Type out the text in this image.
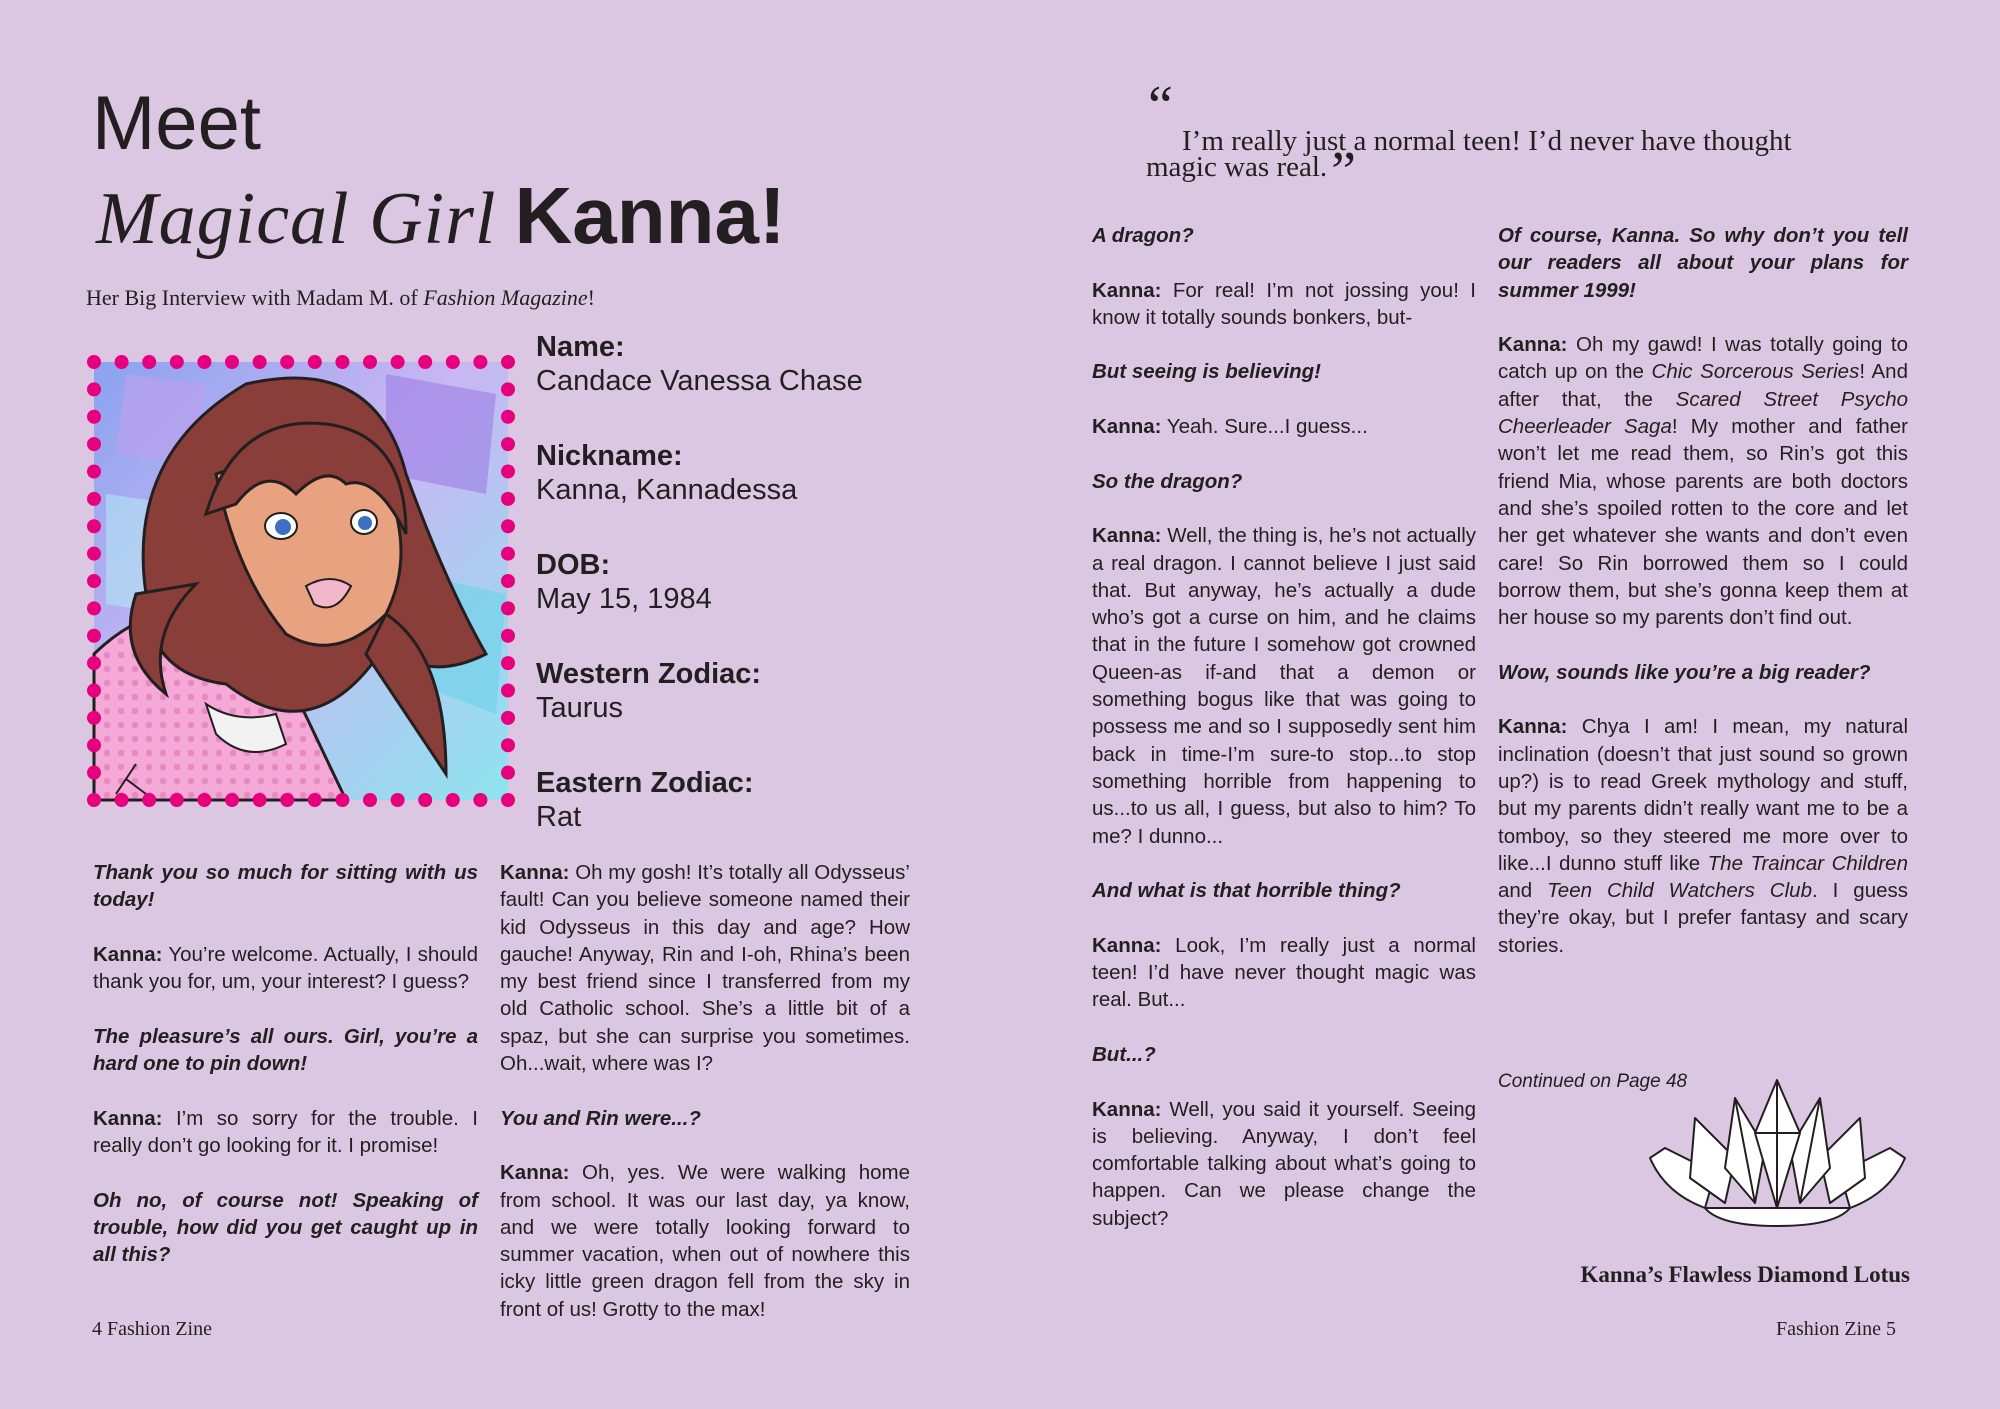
Meet
Magical Girl Kanna!
Her Big Interview with Madam M. of Fashion Magazine!
Name:
Candace Vanessa Chase
Nickname:
Kanna, Kannadessa
DOB:
May 15, 1984
Western Zodiac:
Taurus
Eastern Zodiac:
Rat

Thank you so much for sitting with us today!

Kanna: You’re welcome. Actually, I should thank you for, um, your interest? I guess?

The pleasure’s all ours. Girl, you’re a hard one to pin down!

Kanna: I’m so sorry for the trouble. I really don’t go looking for it. I promise!

Oh no, of course not! Speaking of trouble, how did you get caught up in all this?

Kanna: Oh my gosh! It’s totally all Odysseus’ fault! Can you believe someone named their kid Odysseus in this day and age? How gauche! Anyway, Rin and I-oh, Rhina’s been my best friend since I transferred from my old Catholic school. She’s a little bit of a spaz, but she can surprise you sometimes. Oh...wait, where was I?

You and Rin were...?

Kanna: Oh, yes. We were walking home from school. It was our last day, ya know, and we were totally looking forward to summer vacation, when out of nowhere this icky little green dragon fell from the sky in front of us! Grotty to the max!

4 Fashion Zine
“
I’m really just a normal teen! I’d never have thought magic was real.”

A dragon?

Kanna: For real! I’m not jossing you! I know it totally sounds bonkers, but-

But seeing is believing!

Kanna: Yeah. Sure...I guess...

So the dragon?

Kanna: Well, the thing is, he’s not actually a real dragon. I cannot believe I just said that. But anyway, he’s actually a dude who’s got a curse on him, and he claims that in the future I somehow got crowned Queen-as if-and that a demon or something bogus like that was going to possess me and so I supposedly sent him back in time-I’m sure-to stop...to stop something horrible from happening to us...to us all, I guess, but also to him? To me? I dunno...

And what is that horrible thing?

Kanna: Look, I’m really just a normal teen! I’d have never thought magic was real. But...

But...?

Kanna: Well, you said it yourself. Seeing is believing. Anyway, I don’t feel comfortable talking about what’s going to happen. Can we please change the subject?

Of course, Kanna. So why don’t you tell our readers all about your plans for summer 1999!

Kanna: Oh my gawd! I was totally going to catch up on the Chic Sorcerous Series! And after that, the Scared Street Psycho Cheerleader Saga! My mother and father won’t let me read them, so Rin’s got this friend Mia, whose parents are both doctors and she’s spoiled rotten to the core and let her get whatever she wants and don’t even care! So Rin borrowed them so I could borrow them, but she’s gonna keep them at her house so my parents don’t find out.

Wow, sounds like you’re a big reader?

Kanna: Chya I am! I mean, my natural inclination (doesn’t that just sound so grown up?) is to read Greek mythology and stuff, but my parents didn’t really want me to be a tomboy, so they steered me more over to like...I dunno stuff like The Traincar Children and Teen Child Watchers Club. I guess they’re okay, but I prefer fantasy and scary stories.

Continued on Page 48
Kanna’s Flawless Diamond Lotus
Fashion Zine 5
